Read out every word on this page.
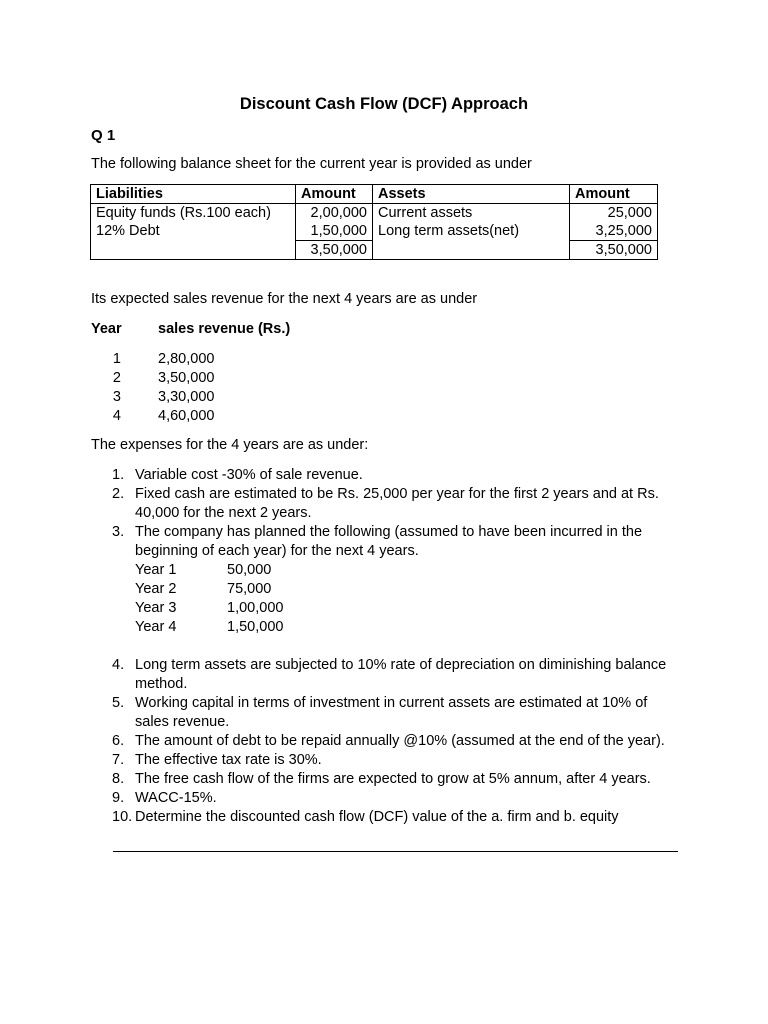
Discount Cash Flow (DCF) Approach
Q 1
The following balance sheet for the current year is provided as under
Liabilities	Amount	Assets	Amount
Equity funds (Rs.100 each)	2,00,000	Current assets	25,000
12% Debt	1,50,000	Long term assets(net)	3,25,000
	3,50,000		3,50,000
Its expected sales revenue for the next 4 years are as under
Year	sales revenue (Rs.)
1	2,80,000
2	3,50,000
3	3,30,000
4	4,60,000
The expenses for the 4 years are as under:
1. Variable cost -30% of sale revenue.
2. Fixed cash are estimated to be Rs. 25,000 per year for the first 2 years and at Rs. 40,000 for the next 2 years.
3. The company has planned the following (assumed to have been incurred in the beginning of each year) for the next 4 years.
Year 1	50,000
Year 2	75,000
Year 3	1,00,000
Year 4	1,50,000
4. Long term assets are subjected to 10% rate of depreciation on diminishing balance method.
5. Working capital in terms of investment in current assets are estimated at 10% of sales revenue.
6. The amount of debt to be repaid annually @10% (assumed at the end of the year).
7. The effective tax rate is 30%.
8. The free cash flow of the firms are expected to grow at 5% annum, after 4 years.
9. WACC-15%.
10. Determine the discounted cash flow (DCF) value of the a. firm and b. equity
